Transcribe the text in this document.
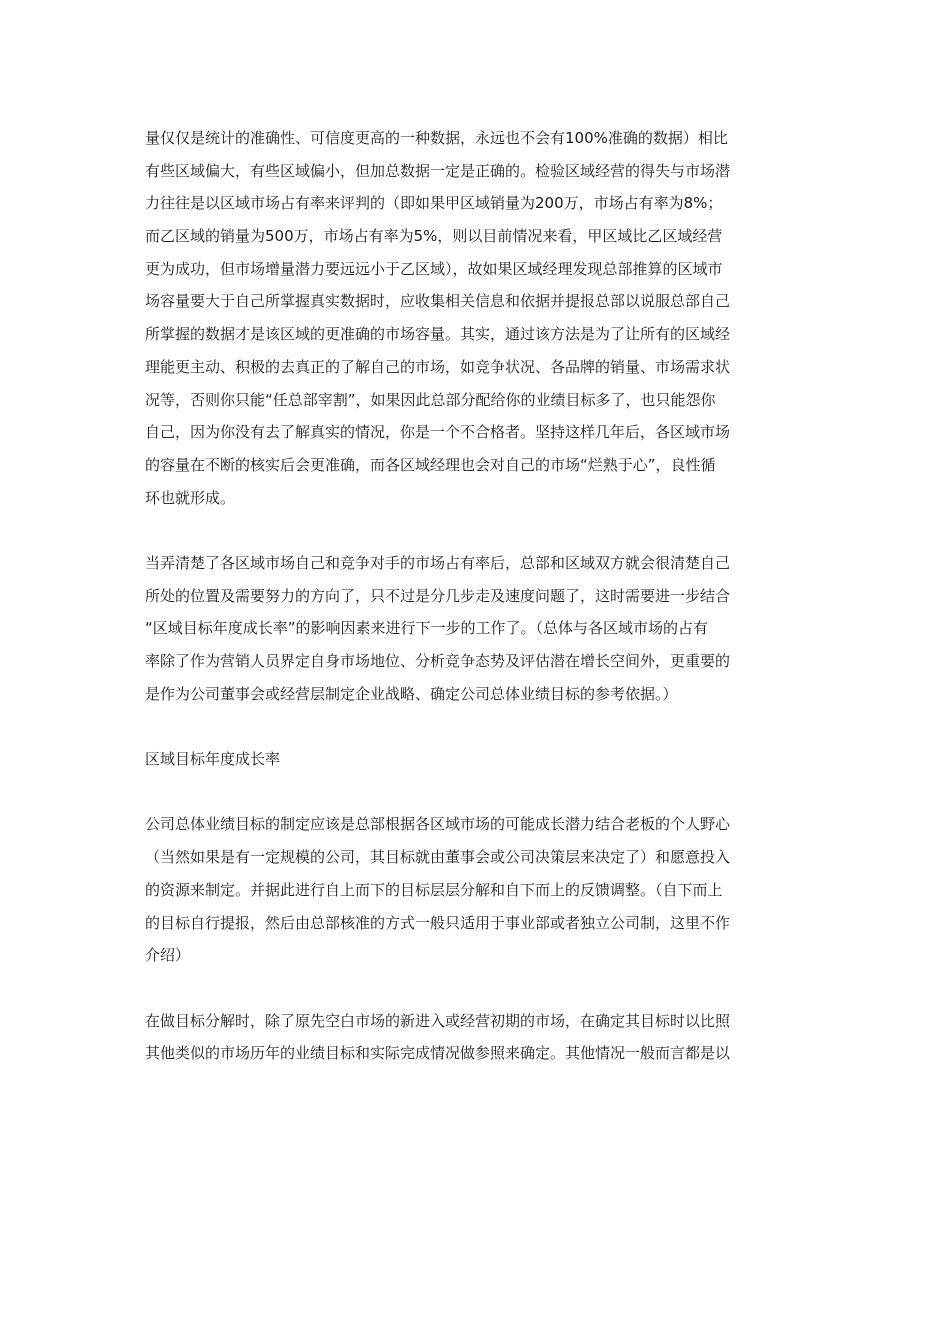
量仅仅是统计的准确性、可信度更高的一种数据，永远也不会有100%准确的数据）相比
有些区域偏大，有些区域偏小，但加总数据一定是正确的。检验区域经营的得失与市场潜
力往往是以区域市场占有率来评判的（即如果甲区域销量为200万，市场占有率为8%；
而乙区域的销量为500万，市场占有率为5%，则以目前情况来看，甲区域比乙区域经营
更为成功，但市场增量潜力要远远小于乙区域），故如果区域经理发现总部推算的区域市
场容量要大于自己所掌握真实数据时，应收集相关信息和依据并提报总部以说服总部自己
所掌握的数据才是该区域的更准确的市场容量。其实，通过该方法是为了让所有的区域经
理能更主动、积极的去真正的了解自己的市场，如竞争状况、各品牌的销量、市场需求状
况等，否则你只能“任总部宰割”，如果因此总部分配给你的业绩目标多了，也只能怨你
自己，因为你没有去了解真实的情况，你是一个不合格者。坚持这样几年后，各区域市场
的容量在不断的核实后会更准确，而各区域经理也会对自己的市场“烂熟于心”，良性循
环也就形成。

当弄清楚了各区域市场自己和竞争对手的市场占有率后，总部和区域双方就会很清楚自己
所处的位置及需要努力的方向了，只不过是分几步走及速度问题了，这时需要进一步结合
“区域目标年度成长率”的影响因素来进行下一步的工作了。（总体与各区域市场的占有
率除了作为营销人员界定自身市场地位、分析竞争态势及评估潜在增长空间外，更重要的
是作为公司董事会或经营层制定企业战略、确定公司总体业绩目标的参考依据。）

区域目标年度成长率

公司总体业绩目标的制定应该是总部根据各区域市场的可能成长潜力结合老板的个人野心
（当然如果是有一定规模的公司，其目标就由董事会或公司决策层来决定了）和愿意投入
的资源来制定。并据此进行自上而下的目标层层分解和自下而上的反馈调整。（自下而上
的目标自行提报，然后由总部核准的方式一般只适用于事业部或者独立公司制，这里不作
介绍）

在做目标分解时，除了原先空白市场的新进入或经营初期的市场，在确定其目标时以比照
其他类似的市场历年的业绩目标和实际完成情况做参照来确定。其他情况一般而言都是以
